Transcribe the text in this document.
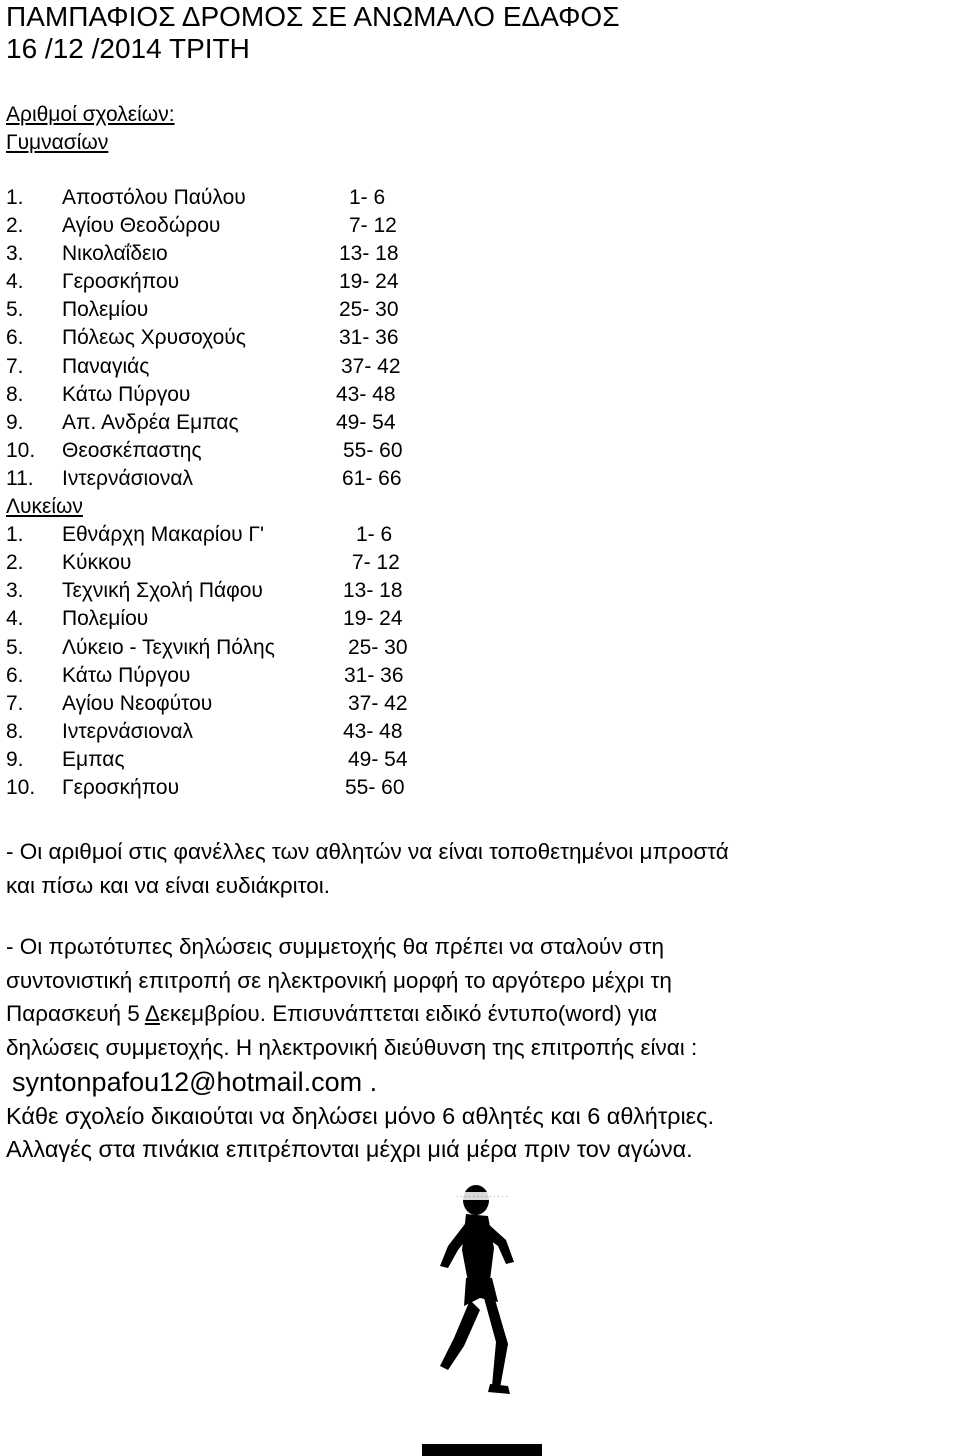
ΠΑΜΠΑΦΙΟΣ ΔΡΟΜΟΣ ΣΕ ΑΝΩΜΑΛΟ ΕΔΑΦΟΣ
16 /12 /2014 ΤΡΙΤΗ
Αριθμοί σχολείων:
Γυμνασίων
1. Αποστόλου Παύλου	1- 6
2. Αγίου Θεοδώρου	7- 12
3. Νικολαΐδειο	13- 18
4. Γεροσκήπου	19- 24
5. Πολεμίου	25- 30
6. Πόλεως Χρυσοχούς	31- 36
7. Παναγιάς	37- 42
8. Κάτω Πύργου	43- 48
9. Απ. Ανδρέα Εμπας	49- 54
10. Θεοσκέπαστης	55- 60
11. Ιντερνάσιοναλ	61- 66
Λυκείων
1. Εθνάρχη Μακαρίου Γ'	1- 6
2. Κύκκου	7- 12
3. Τεχνική Σχολή Πάφου	13- 18
4. Πολεμίου	19- 24
5. Λύκειο - Τεχνική Πόλης	25- 30
6. Κάτω Πύργου	31- 36
7. Αγίου Νεοφύτου	37- 42
8. Ιντερνάσιοναλ	43- 48
9. Εμπας	49- 54
10. Γεροσκήπου	55- 60
- Οι αριθμοί στις φανέλλες των αθλητών να είναι τοποθετημένοι μπροστά
και πίσω και να είναι ευδιάκριτοι.
- Οι πρωτότυπες δηλώσεις συμμετοχής θα πρέπει να σταλούν στη
συντονιστική επιτροπή σε ηλεκτρονική μορφή το αργότερο μέχρι τη
Παρασκευή 5 Δεκεμβρίου. Επισυνάπτεται ειδικό έντυπο(word) για
δηλώσεις συμμετοχής. Η ηλεκτρονική διεύθυνση της επιτροπής είναι :
syntonpafou12@hotmail.com .
Κάθε σχολείο δικαιούται να δηλώσει μόνο 6 αθλητές και 6 αθλήτριες.
Αλλαγές στα πινάκια επιτρέπονται μέχρι μιά μέρα πριν τον αγώνα.
· · · · · · · · · · · · ·
